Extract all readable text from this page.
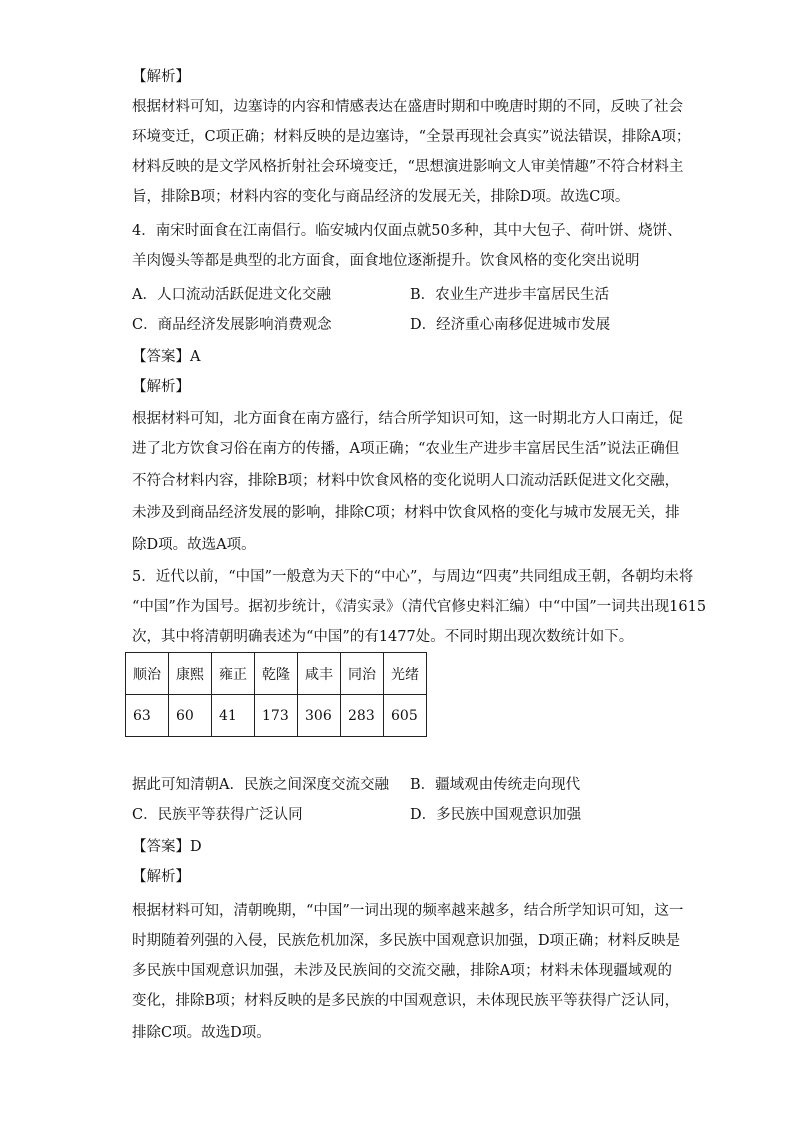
【解析】
根据材料可知，边塞诗的内容和情感表达在盛唐时期和中晚唐时期的不同，反映了社会
环境变迁，C项正确；材料反映的是边塞诗，“全景再现社会真实”说法错误，排除A项；
材料反映的是文学风格折射社会环境变迁，“思想演进影响文人审美情趣”不符合材料主
旨，排除B项；材料内容的变化与商品经济的发展无关，排除D项。故选C项。
4．南宋时面食在江南倡行。临安城内仅面点就50多种，其中大包子、荷叶饼、烧饼、
羊肉馒头等都是典型的北方面食，面食地位逐渐提升。饮食风格的变化突出说明
A．人口流动活跃促进文化交融	B．农业生产进步丰富居民生活
C．商品经济发展影响消费观念	D．经济重心南移促进城市发展
【答案】A
【解析】
根据材料可知，北方面食在南方盛行，结合所学知识可知，这一时期北方人口南迁，促
进了北方饮食习俗在南方的传播，A项正确；“农业生产进步丰富居民生活”说法正确但
不符合材料内容，排除B项；材料中饮食风格的变化说明人口流动活跃促进文化交融，
未涉及到商品经济发展的影响，排除C项；材料中饮食风格的变化与城市发展无关，排
除D项。故选A项。
5．近代以前，“中国”一般意为天下的“中心”，与周边“四夷”共同组成王朝，各朝均未将
“中国”作为国号。据初步统计，《清实录》（清代官修史料汇编）中“中国”一词共出现1615
次，其中将清朝明确表述为“中国”的有1477处。不同时期出现次数统计如下。
顺治	康熙	雍正	乾隆	咸丰	同治	光绪
63	60	41	173	306	283	605
据此可知清朝A．民族之间深度交流交融 B．疆域观由传统走向现代
C．民族平等获得广泛认同	D．多民族中国观意识加强
【答案】D
【解析】
根据材料可知，清朝晚期，“中国”一词出现的频率越来越多，结合所学知识可知，这一
时期随着列强的入侵，民族危机加深，多民族中国观意识加强，D项正确；材料反映是
多民族中国观意识加强，未涉及民族间的交流交融，排除A项；材料未体现疆域观的
变化，排除B项；材料反映的是多民族的中国观意识，未体现民族平等获得广泛认同，
排除C项。故选D项。
